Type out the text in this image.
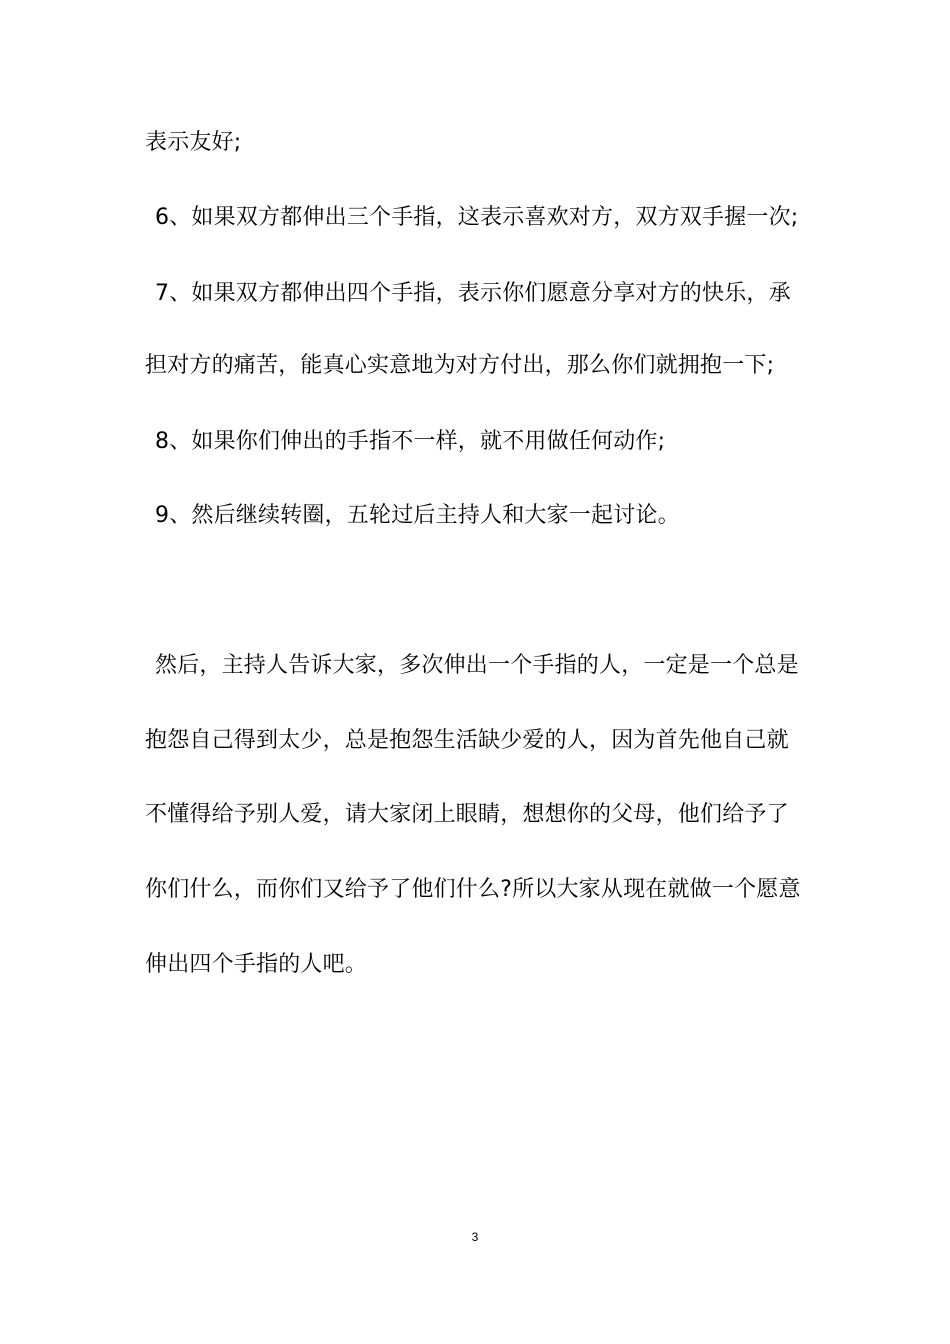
表示友好;
6、如果双方都伸出三个手指，这表示喜欢对方，双方双手握一次;
7、如果双方都伸出四个手指，表示你们愿意分享对方的快乐，承
担对方的痛苦，能真心实意地为对方付出，那么你们就拥抱一下;
8、如果你们伸出的手指不一样，就不用做任何动作;
9、然后继续转圈，五轮过后主持人和大家一起讨论。
然后，主持人告诉大家，多次伸出一个手指的人，一定是一个总是
抱怨自己得到太少，总是抱怨生活缺少爱的人，因为首先他自己就
不懂得给予别人爱，请大家闭上眼睛，想想你的父母，他们给予了
你们什么，而你们又给予了他们什么?所以大家从现在就做一个愿意
伸出四个手指的人吧。
3
